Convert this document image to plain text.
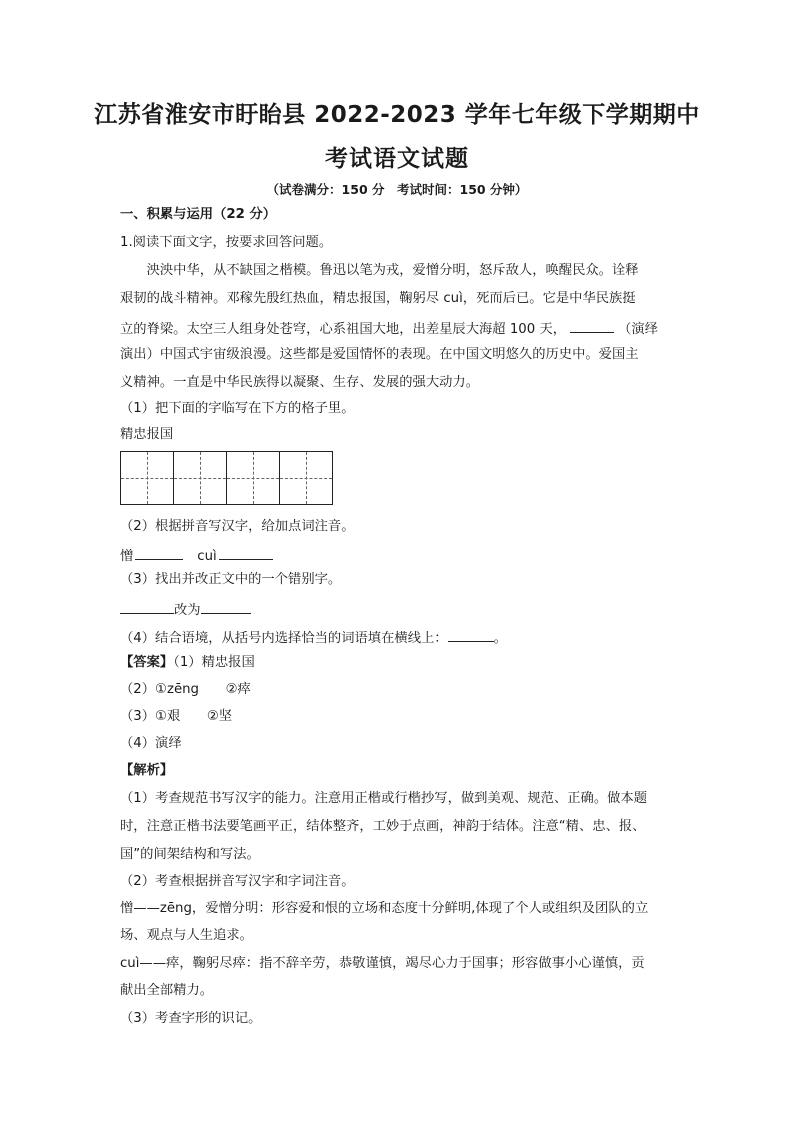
江苏省淮安市盱眙县 2022-2023 学年七年级下学期期中
考试语文试题
（试卷满分：150 分　考试时间：150 分钟）
一、积累与运用（22 分）
1.阅读下面文字，按要求回答问题。
　　泱泱中华，从不缺国之楷模。鲁迅以笔为戎，爱憎分明，怒斥敌人，唤醒民众。诠释
艰韧的战斗精神。邓稼先殷红热血，精忠报国，鞠躬尽 cuì，死而后已。它是中华民族挺
立的脊梁。太空三人组身处苍穹，心系祖国大地，出差星辰大海超 100 天，	（演绎
演出）中国式宇宙级浪漫。这些都是爱国情怀的表现。在中国文明悠久的历史中。爱国主
义精神。一直是中华民族得以凝聚、生存、发展的强大动力。
（1）把下面的字临写在下方的格子里。
精忠报国
（2）根据拼音写汉字，给加点词注音。
憎	cuì
（3）找出并改正文中的一个错别字。
改为
（4）结合语境，从括号内选择恰当的词语填在横线上：	。
【答案】（1）精忠报国
（2）①zēng　　②瘁
（3）①艰　　②坚
（4）演绎
【解析】
（1）考查规范书写汉字的能力。注意用正楷或行楷抄写，做到美观、规范、正确。做本题
时，注意正楷书法要笔画平正，结体整齐，工妙于点画，神韵于结体。注意“精、忠、报、
国”的间架结构和写法。
（2）考查根据拼音写汉字和字词注音。
憎——zēng，爱憎分明：形容爱和恨的立场和态度十分鲜明,体现了个人或组织及团队的立
场、观点与人生追求。
cuì——瘁，鞠躬尽瘁：指不辞辛劳，恭敬谨慎，竭尽心力于国事；形容做事小心谨慎，贡
献出全部精力。
（3）考查字形的识记。
